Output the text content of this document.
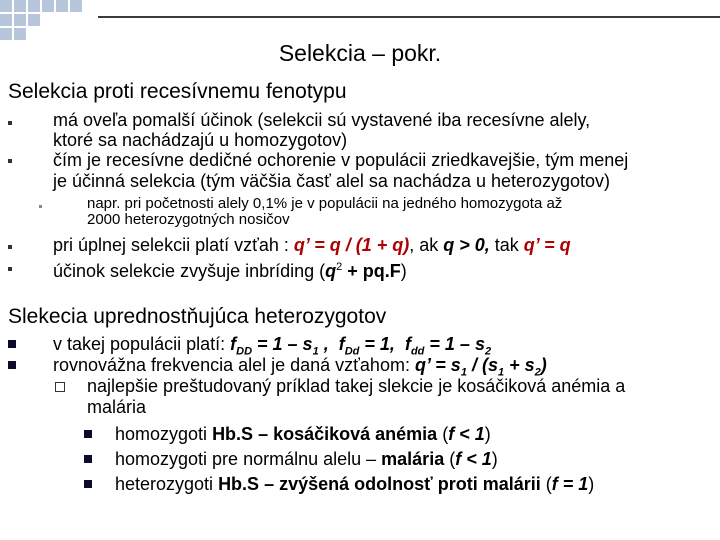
Selekcia – pokr.
Selekcia proti recesívnemu fenotypu
má oveľa pomalší účinok (selekcii sú vystavené iba recesívne alely,
ktoré sa nachádzajú u homozygotov)
čím je recesívne dedičné ochorenie v populácii zriedkavejšie, tým menej
je účinná selekcia (tým väčšia časť alel sa nachádza u heterozygotov)
napr. pri početnosti alely 0,1% je v populácii na jedného homozygota až
2000 heterozygotných nosičov
pri úplnej selekcii platí vzťah : q’ = q / (1 + q), ak q > 0, tak q’ = q
účinok selekcie zvyšuje inbríding $(q^2 + pq.F)$
Slekecia uprednostňujúca heterozygotov
v takej populácii platí: $f_{DD} = 1 - s_1$ , $f_{Dd} = 1$, $f_{dd} = 1 - s_2$
rovnovážna frekvencia alel je daná vzťahom: q’ = $s_1 / (s_1 + s_2)$
najlepšie preštudovaný príklad takej slekcie je kosáčiková anémia a
malária
homozygoti Hb.S – kosáčiková anémia (f < 1)
homozygoti pre normálnu alelu – malária (f < 1)
heterozygoti Hb.S – zvýšená odolnosť proti malárii (f = 1)
